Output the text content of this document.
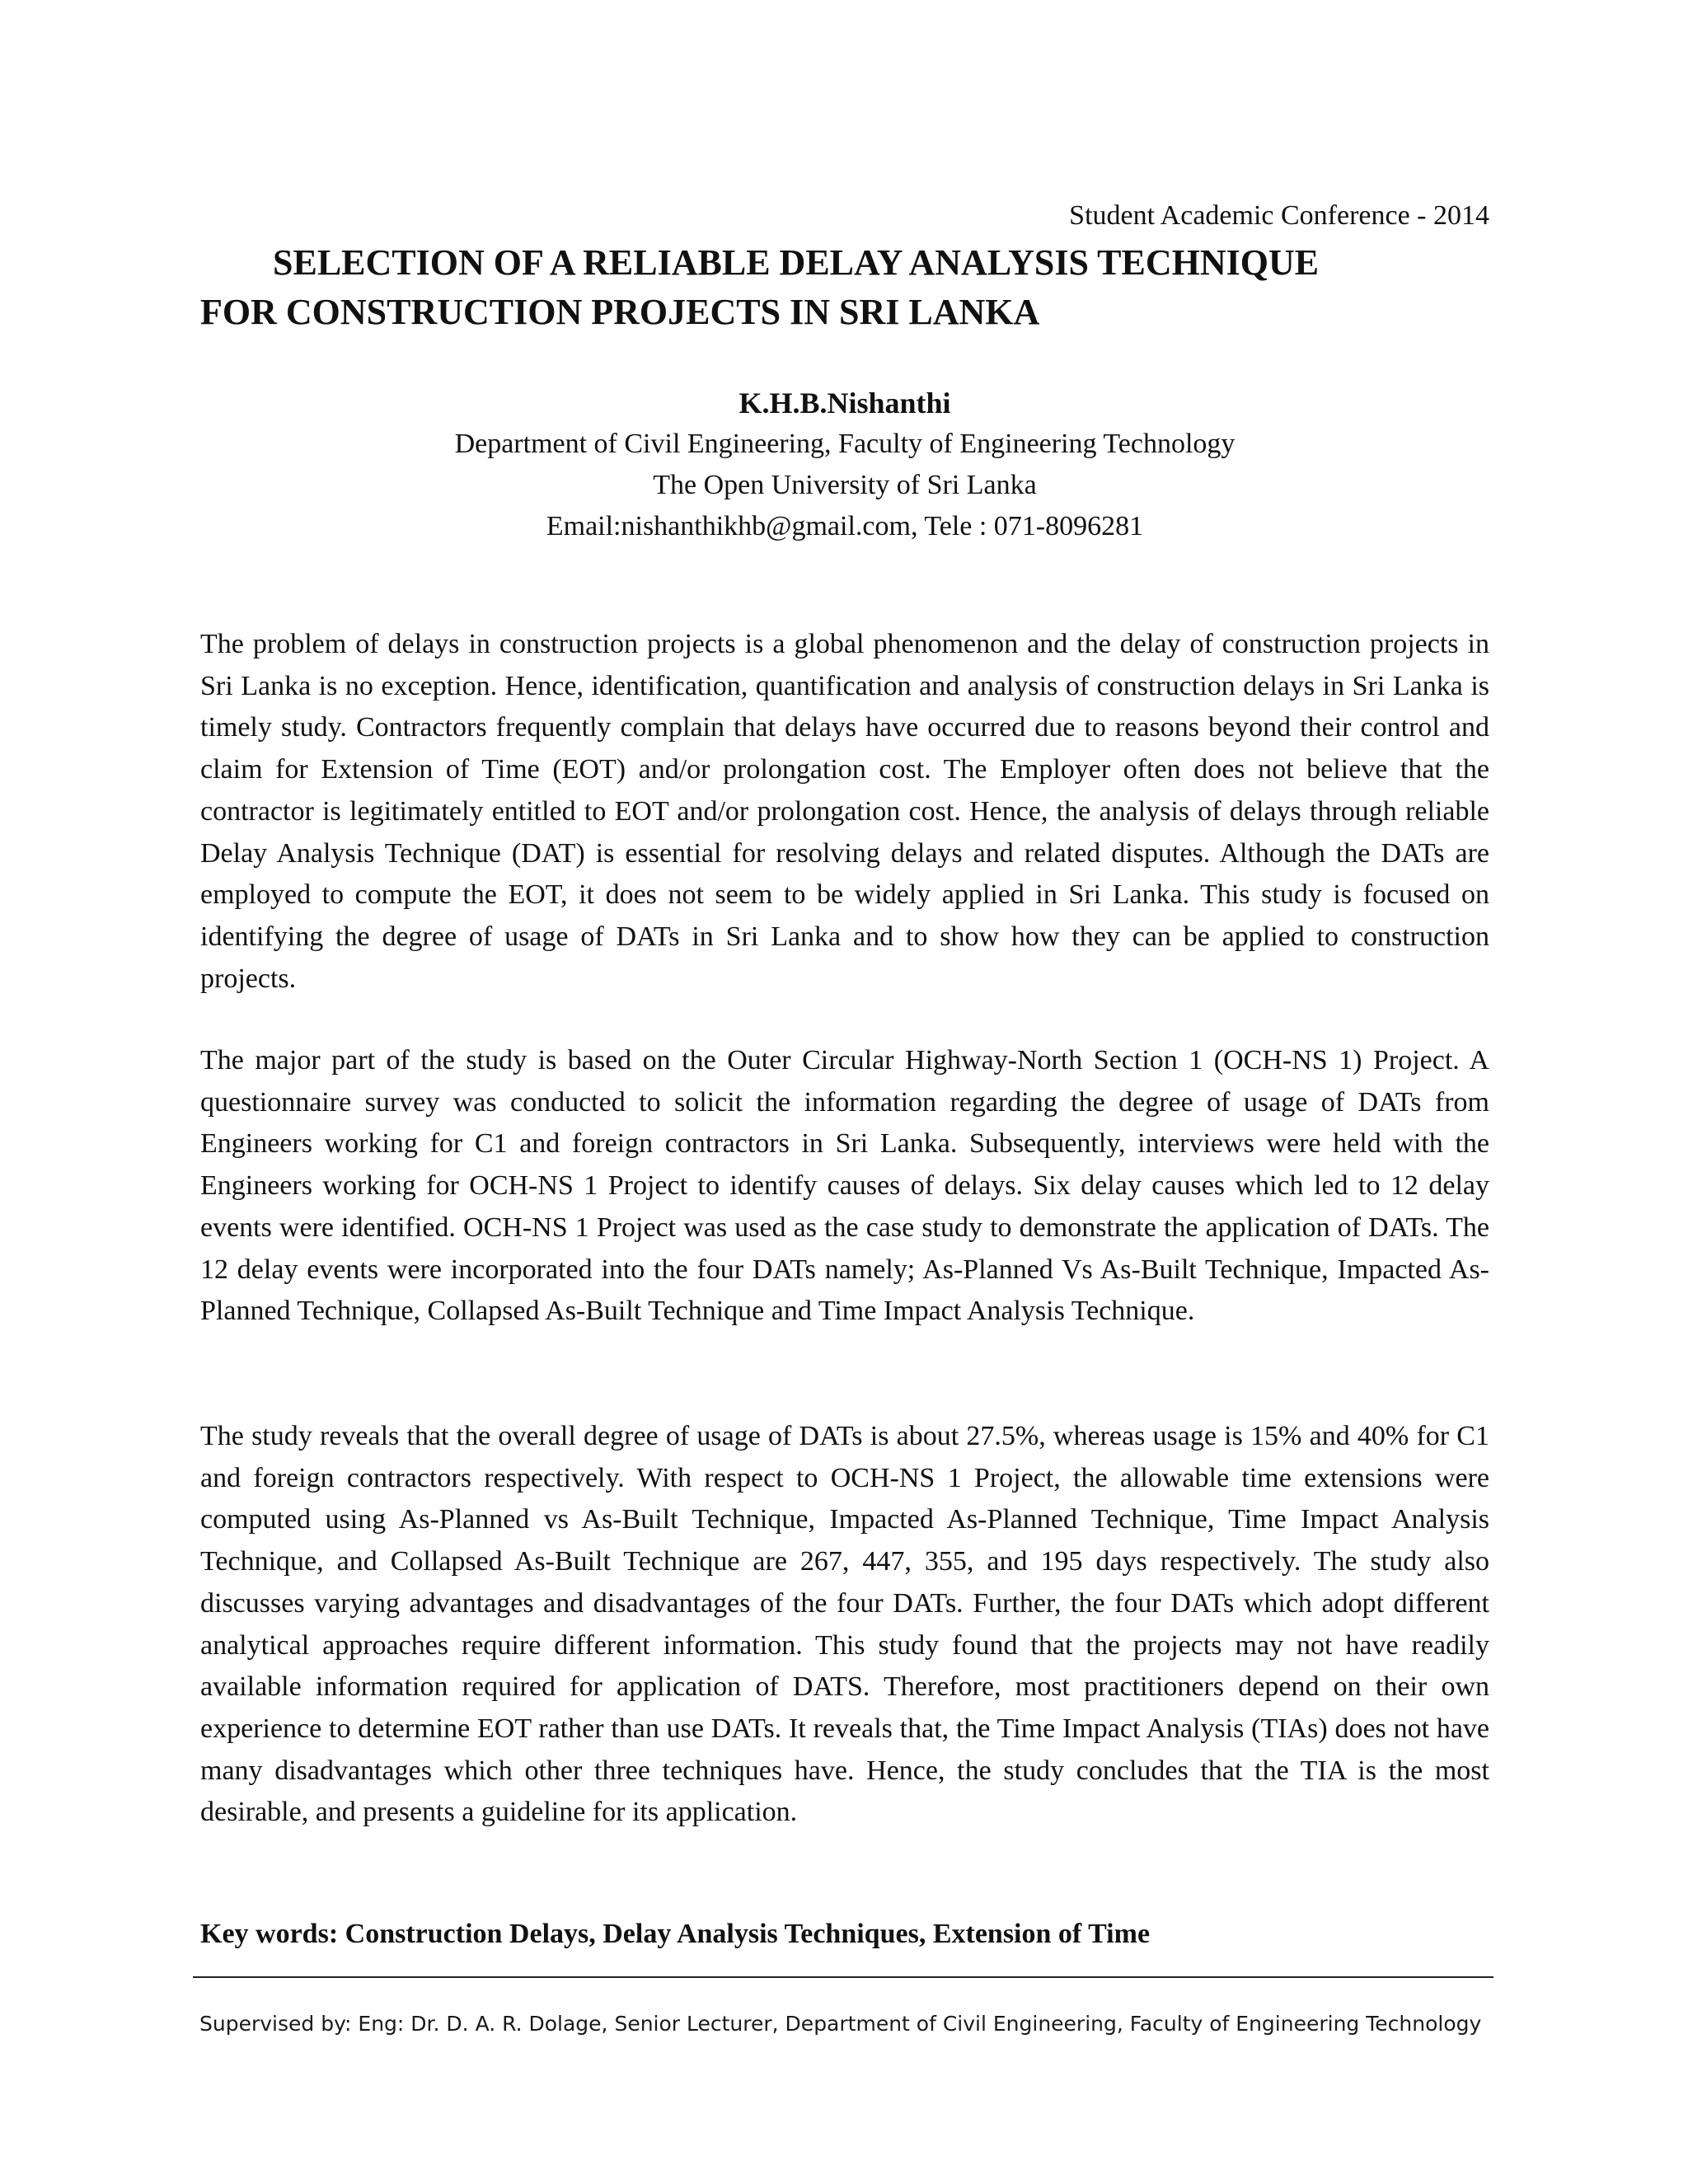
Student Academic Conference - 2014
SELECTION OF A RELIABLE DELAY ANALYSIS TECHNIQUE
FOR CONSTRUCTION PROJECTS IN SRI LANKA
K.H.B.Nishanthi
Department of Civil Engineering, Faculty of Engineering Technology
The Open University of Sri Lanka
Email:nishanthikhb@gmail.com, Tele : 071-8096281

The problem of delays in construction projects is a global phenomenon and the delay of construction projects in Sri Lanka is no exception. Hence, identification, quantification and analysis of construction delays in Sri Lanka is timely study. Contractors frequently complain that delays have occurred due to reasons beyond their control and claim for Extension of Time (EOT) and/or prolongation cost. The Employer often does not believe that the contractor is legitimately entitled to EOT and/or prolongation cost. Hence, the analysis of delays through reliable Delay Analysis Technique (DAT) is essential for resolving delays and related disputes. Although the DATs are employed to compute the EOT, it does not seem to be widely applied in Sri Lanka. This study is focused on identifying the degree of usage of DATs in Sri Lanka and to show how they can be applied to construction projects.

The major part of the study is based on the Outer Circular Highway-North Section 1 (OCH-NS 1) Project. A questionnaire survey was conducted to solicit the information regarding the degree of usage of DATs from Engineers working for C1 and foreign contractors in Sri Lanka. Subsequently, interviews were held with the Engineers working for OCH-NS 1 Project to identify causes of delays. Six delay causes which led to 12 delay events were identified. OCH-NS 1 Project was used as the case study to demonstrate the application of DATs. The 12 delay events were incorporated into the four DATs namely; As-Planned Vs As-Built Technique, Impacted As-Planned Technique, Collapsed As-Built Technique and Time Impact Analysis Technique.

The study reveals that the overall degree of usage of DATs is about 27.5%, whereas usage is 15% and 40% for C1 and foreign contractors respectively. With respect to OCH-NS 1 Project, the allowable time extensions were computed using As-Planned vs As-Built Technique, Impacted As-Planned Technique, Time Impact Analysis Technique, and Collapsed As-Built Technique are 267, 447, 355, and 195 days respectively. The study also discusses varying advantages and disadvantages of the four DATs. Further, the four DATs which adopt different analytical approaches require different information. This study found that the projects may not have readily available information required for application of DATS. Therefore, most practitioners depend on their own experience to determine EOT rather than use DATs. It reveals that, the Time Impact Analysis (TIAs) does not have many disadvantages which other three techniques have. Hence, the study concludes that the TIA is the most desirable, and presents a guideline for its application.

Key words: Construction Delays, Delay Analysis Techniques, Extension of Time
Supervised by: Eng: Dr. D. A. R. Dolage, Senior Lecturer, Department of Civil Engineering, Faculty of Engineering Technology
